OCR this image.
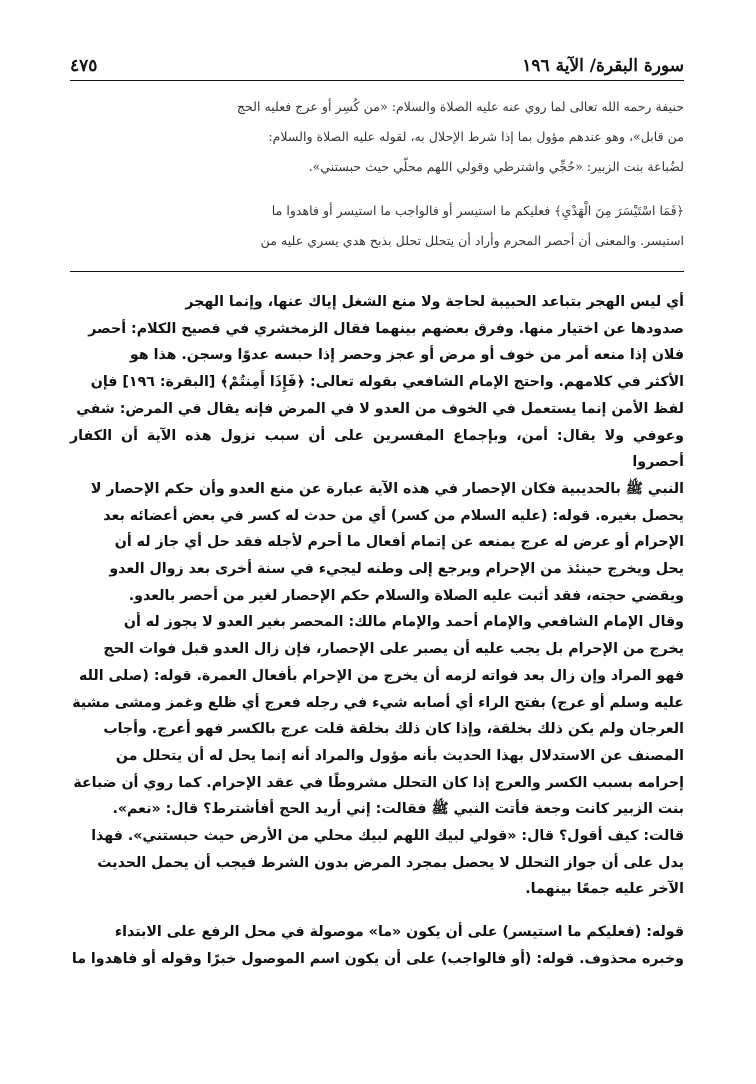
سورة البقرة/ الآية ١٩٦
٤٧٥

حنيفة رحمه الله تعالى لما روي عنه عليه الصلاة والسلام: «من كُسِر أو عرج فعليه الحج

من قابل»، وهو عندهم مؤول بما إذا شرط الإحلال به، لقوله عليه الصلاة والسلام:

لضُباعة بنت الزبير: «حُجِّي واشترطي وقولي اللهم محلّي حيث حبستني».

﴿فَمَا اسْتَيْسَرَ مِنَ الْهَدْيِ﴾ فعليكم ما استيسر أو فالواجب ما استيسر أو فاهدوا ما

استيسر. والمعنى أن أحصر المحرم وأراد أن يتحلل تحلل بذبح هدي يسري عليه من

أي ليس الهجر بتباعد الحبيبة لحاجة ولا منع الشغل إياك عنها، وإنما الهجر

صدودها عن اختيار منها. وفرق بعضهم بينهما فقال الزمخشري في فصيح الكلام: أحصر

فلان إذا منعه أمر من خوف أو مرض أو عجز وحصر إذا حبسه عدوًا وسجن. هذا هو

الأكثر في كلامهم. واحتج الإمام الشافعي بقوله تعالى: ﴿فَإِذَا أَمِنتُمْ﴾ [البقرة: ١٩٦] فإن

لفظ الأمن إنما يستعمل في الخوف من العدو لا في المرض فإنه يقال في المرض: شفي

وعوفي ولا يقال: أمن، وبإجماع المفسرين على أن سبب نزول هذه الآية أن الكفار أحصروا

النبي ﷺ بالحديبية فكان الإحصار في هذه الآية عبارة عن منع العدو وأن حكم الإحصار لا

يحصل بغيره. قوله: (عليه السلام من كسر) أي من حدث له كسر في بعض أعضائه بعد

الإحرام أو عرض له عرج يمنعه عن إتمام أفعال ما أحرم لأجله فقد حل أي جاز له أن

يحل ويخرج حينئذ من الإحرام ويرجع إلى وطنه ليجيء في سنة أخرى بعد زوال العدو

ويقضي حجته، فقد أثبت عليه الصلاة والسلام حكم الإحصار لغير من أحصر بالعدو.

وقال الإمام الشافعي والإمام أحمد والإمام مالك: المحصر بغير العدو لا يجوز له أن

يخرج من الإحرام بل يجب عليه أن يصبر على الإحصار، فإن زال العدو قبل فوات الحج

فهو المراد وإن زال بعد فواته لزمه أن يخرج من الإحرام بأفعال العمرة. قوله: (صلى الله

عليه وسلم أو عرج) بفتح الراء أي أصابه شيء في رجله فعرج أي ظلع وغمز ومشى مشية

العرجان ولم يكن ذلك بخلقة، وإذا كان ذلك بخلقة قلت عرج بالكسر فهو أعرج. وأجاب

المصنف عن الاستدلال بهذا الحديث بأنه مؤول والمراد أنه إنما يحل له أن يتحلل من

إحرامه بسبب الكسر والعرج إذا كان التحلل مشروطًا في عقد الإحرام. كما روي أن ضباعة

بنت الزبير كانت وجعة فأتت النبي ﷺ فقالت: إني أريد الحج أفأشترط؟ قال: «نعم».

قالت: كيف أقول؟ قال: «قولي لبيك اللهم لبيك محلي من الأرض حيث حبستني». فهذا

يدل على أن جواز التحلل لا يحصل بمجرد المرض بدون الشرط فيجب أن يحمل الحديث

الآخر عليه جمعًا بينهما.

قوله: (فعليكم ما استيسر) على أن يكون «ما» موصولة في محل الرفع على الابتداء

وخبره محذوف. قوله: (أو فالواجب) على أن يكون اسم الموصول خبرًا وقوله أو فاهدوا ما
